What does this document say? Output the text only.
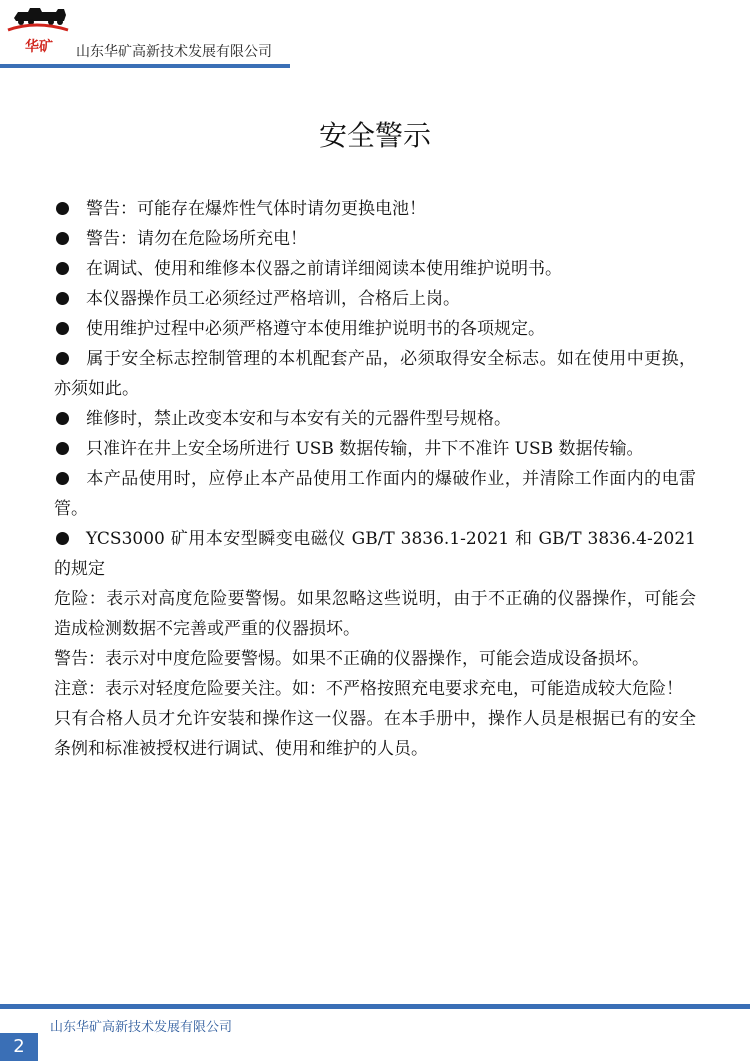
华矿 山东华矿高新技术发展有限公司
安全警示

警告：可能存在爆炸性气体时请勿更换电池！

警告：请勿在危险场所充电！

在调试、使用和维修本仪器之前请详细阅读本使用维护说明书。

本仪器操作员工必须经过严格培训，合格后上岗。

使用维护过程中必须严格遵守本使用维护说明书的各项规定。

属于安全标志控制管理的本机配套产品，必须取得安全标志。如在使用中更换，亦须如此。

维修时，禁止改变本安和与本安有关的元器件型号规格。

只准许在井上安全场所进行 USB 数据传输，井下不准许 USB 数据传输。

本产品使用时，应停止本产品使用工作面内的爆破作业，并清除工作面内的电雷管。

YCS3000 矿用本安型瞬变电磁仪 GB/T 3836.1-2021 和 GB/T 3836.4-2021 的规定

危险：表示对高度危险要警惕。如果忽略这些说明，由于不正确的仪器操作，可能会造成检测数据不完善或严重的仪器损坏。

警告：表示对中度危险要警惕。如果不正确的仪器操作，可能会造成设备损坏。

注意：表示对轻度危险要关注。如：不严格按照充电要求充电，可能造成较大危险！

只有合格人员才允许安装和操作这一仪器。在本手册中，操作人员是根据已有的安全条例和标准被授权进行调试、使用和维护的人员。

山东华矿高新技术发展有限公司
2
